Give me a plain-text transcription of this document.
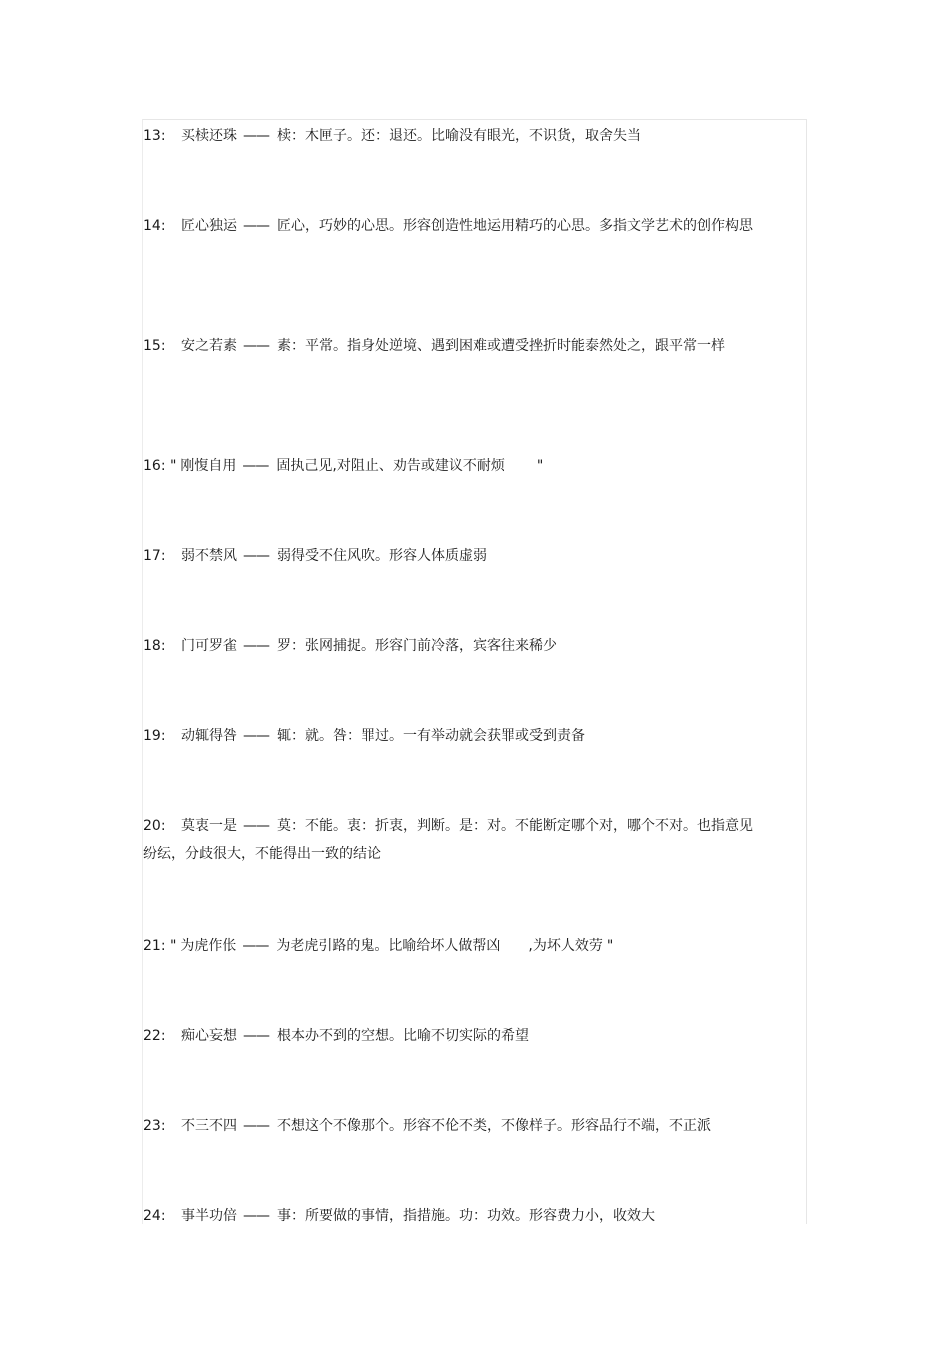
13: 买椟还珠 —— 椟：木匣子。还：退还。比喻没有眼光，不识货，取舍失当
14: 匠心独运 —— 匠心，巧妙的心思。形容创造性地运用精巧的心思。多指文学艺术的创作构思
15: 安之若素 —— 素：平常。指身处逆境、遇到困难或遭受挫折时能泰然处之，跟平常一样
16: " 刚愎自用 —— 固执己见,对阻止、劝告或建议不耐烦 "
17: 弱不禁风 —— 弱得受不住风吹。形容人体质虚弱
18: 门可罗雀 —— 罗：张网捕捉。形容门前冷落，宾客往来稀少
19: 动辄得咎 —— 辄：就。咎：罪过。一有举动就会获罪或受到责备
20: 莫衷一是 —— 莫：不能。衷：折衷，判断。是：对。不能断定哪个对，哪个不对。也指意见纷纭，分歧很大，不能得出一致的结论
21: " 为虎作伥 —— 为老虎引路的鬼。比喻给坏人做帮凶 ,为坏人效劳 "
22: 痴心妄想 —— 根本办不到的空想。比喻不切实际的希望
23: 不三不四 —— 不想这个不像那个。形容不伦不类，不像样子。形容品行不端，不正派
24: 事半功倍 —— 事：所要做的事情，指措施。功：功效。形容费力小，收效大
